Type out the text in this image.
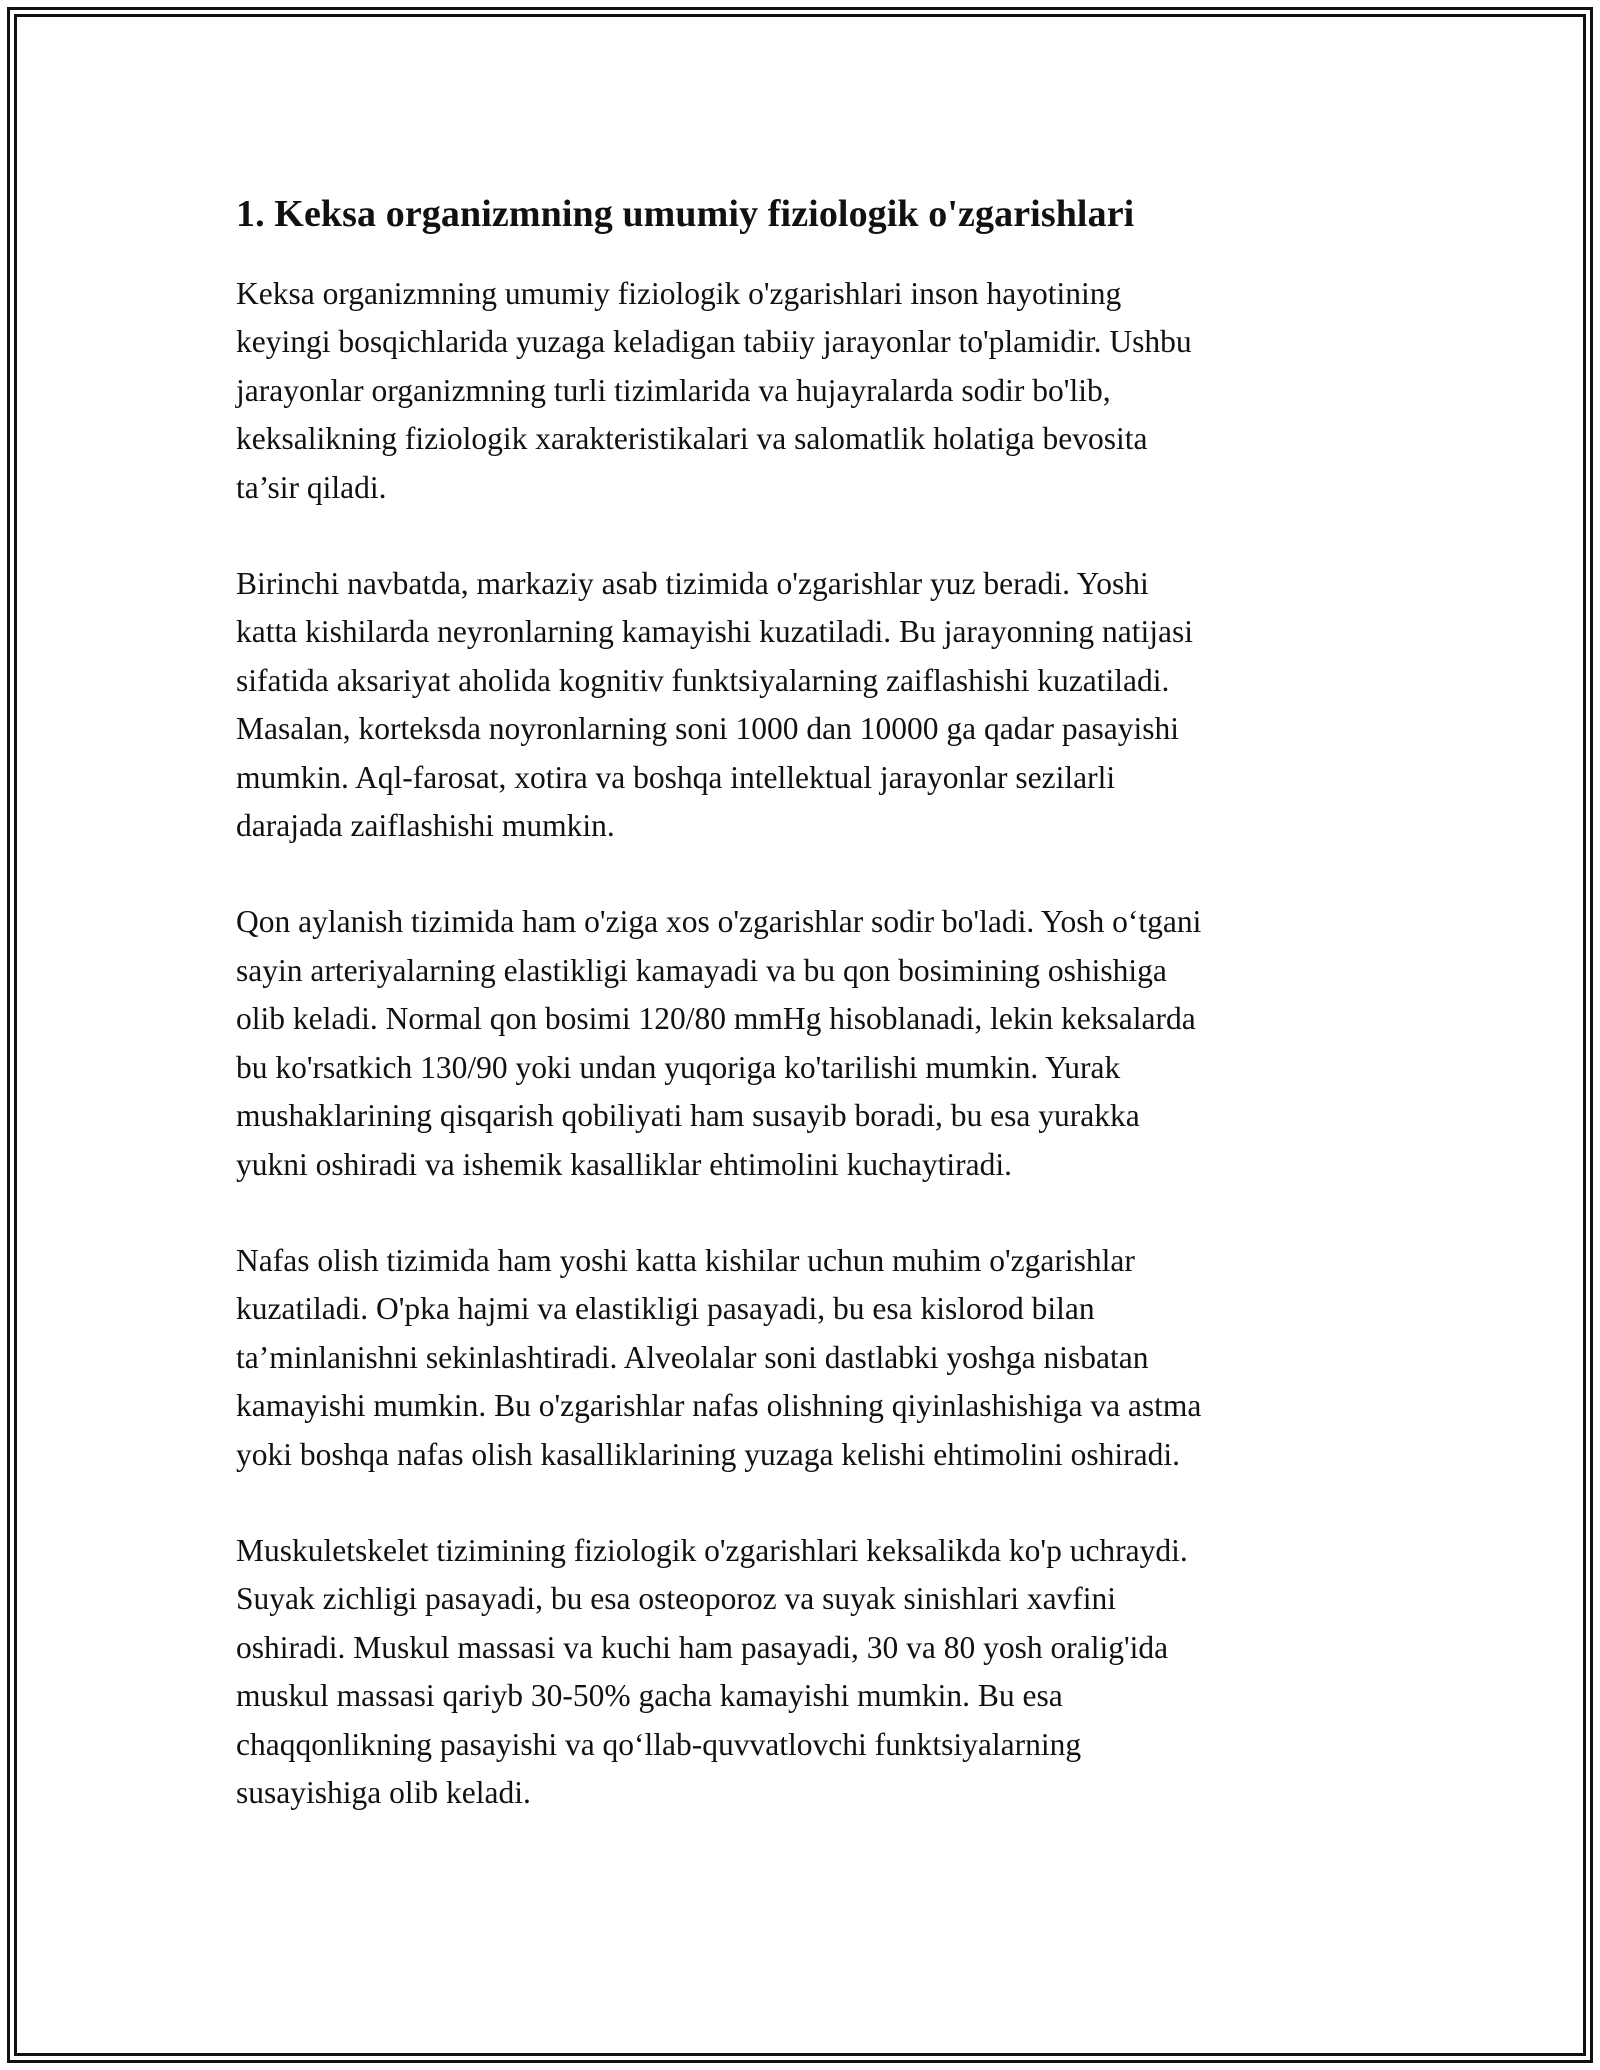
1. Keksa organizmning umumiy fiziologik o'zgarishlari

Keksa organizmning umumiy fiziologik o'zgarishlari inson hayotining
keyingi bosqichlarida yuzaga keladigan tabiiy jarayonlar to'plamidir. Ushbu
jarayonlar organizmning turli tizimlarida va hujayralarda sodir bo'lib,
keksalikning fiziologik xarakteristikalari va salomatlik holatiga bevosita
ta’sir qiladi.

Birinchi navbatda, markaziy asab tizimida o'zgarishlar yuz beradi. Yoshi
katta kishilarda neyronlarning kamayishi kuzatiladi. Bu jarayonning natijasi
sifatida aksariyat aholida kognitiv funktsiyalarning zaiflashishi kuzatiladi.
Masalan, korteksda noyronlarning soni 1000 dan 10000 ga qadar pasayishi
mumkin. Aql-farosat, xotira va boshqa intellektual jarayonlar sezilarli
darajada zaiflashishi mumkin.

Qon aylanish tizimida ham o'ziga xos o'zgarishlar sodir bo'ladi. Yosh o‘tgani
sayin arteriyalarning elastikligi kamayadi va bu qon bosimining oshishiga
olib keladi. Normal qon bosimi 120/80 mmHg hisoblanadi, lekin keksalarda
bu ko'rsatkich 130/90 yoki undan yuqoriga ko'tarilishi mumkin. Yurak
mushaklarining qisqarish qobiliyati ham susayib boradi, bu esa yurakka
yukni oshiradi va ishemik kasalliklar ehtimolini kuchaytiradi.

Nafas olish tizimida ham yoshi katta kishilar uchun muhim o'zgarishlar
kuzatiladi. O'pka hajmi va elastikligi pasayadi, bu esa kislorod bilan
ta’minlanishni sekinlashtiradi. Alveolalar soni dastlabki yoshga nisbatan
kamayishi mumkin. Bu o'zgarishlar nafas olishning qiyinlashishiga va astma
yoki boshqa nafas olish kasalliklarining yuzaga kelishi ehtimolini oshiradi.

Muskuletskelet tizimining fiziologik o'zgarishlari keksalikda ko'p uchraydi.
Suyak zichligi pasayadi, bu esa osteoporoz va suyak sinishlari xavfini
oshiradi. Muskul massasi va kuchi ham pasayadi, 30 va 80 yosh oralig'ida
muskul massasi qariyb 30-50% gacha kamayishi mumkin. Bu esa
chaqqonlikning pasayishi va qo‘llab-quvvatlovchi funktsiyalarning
susayishiga olib keladi.
